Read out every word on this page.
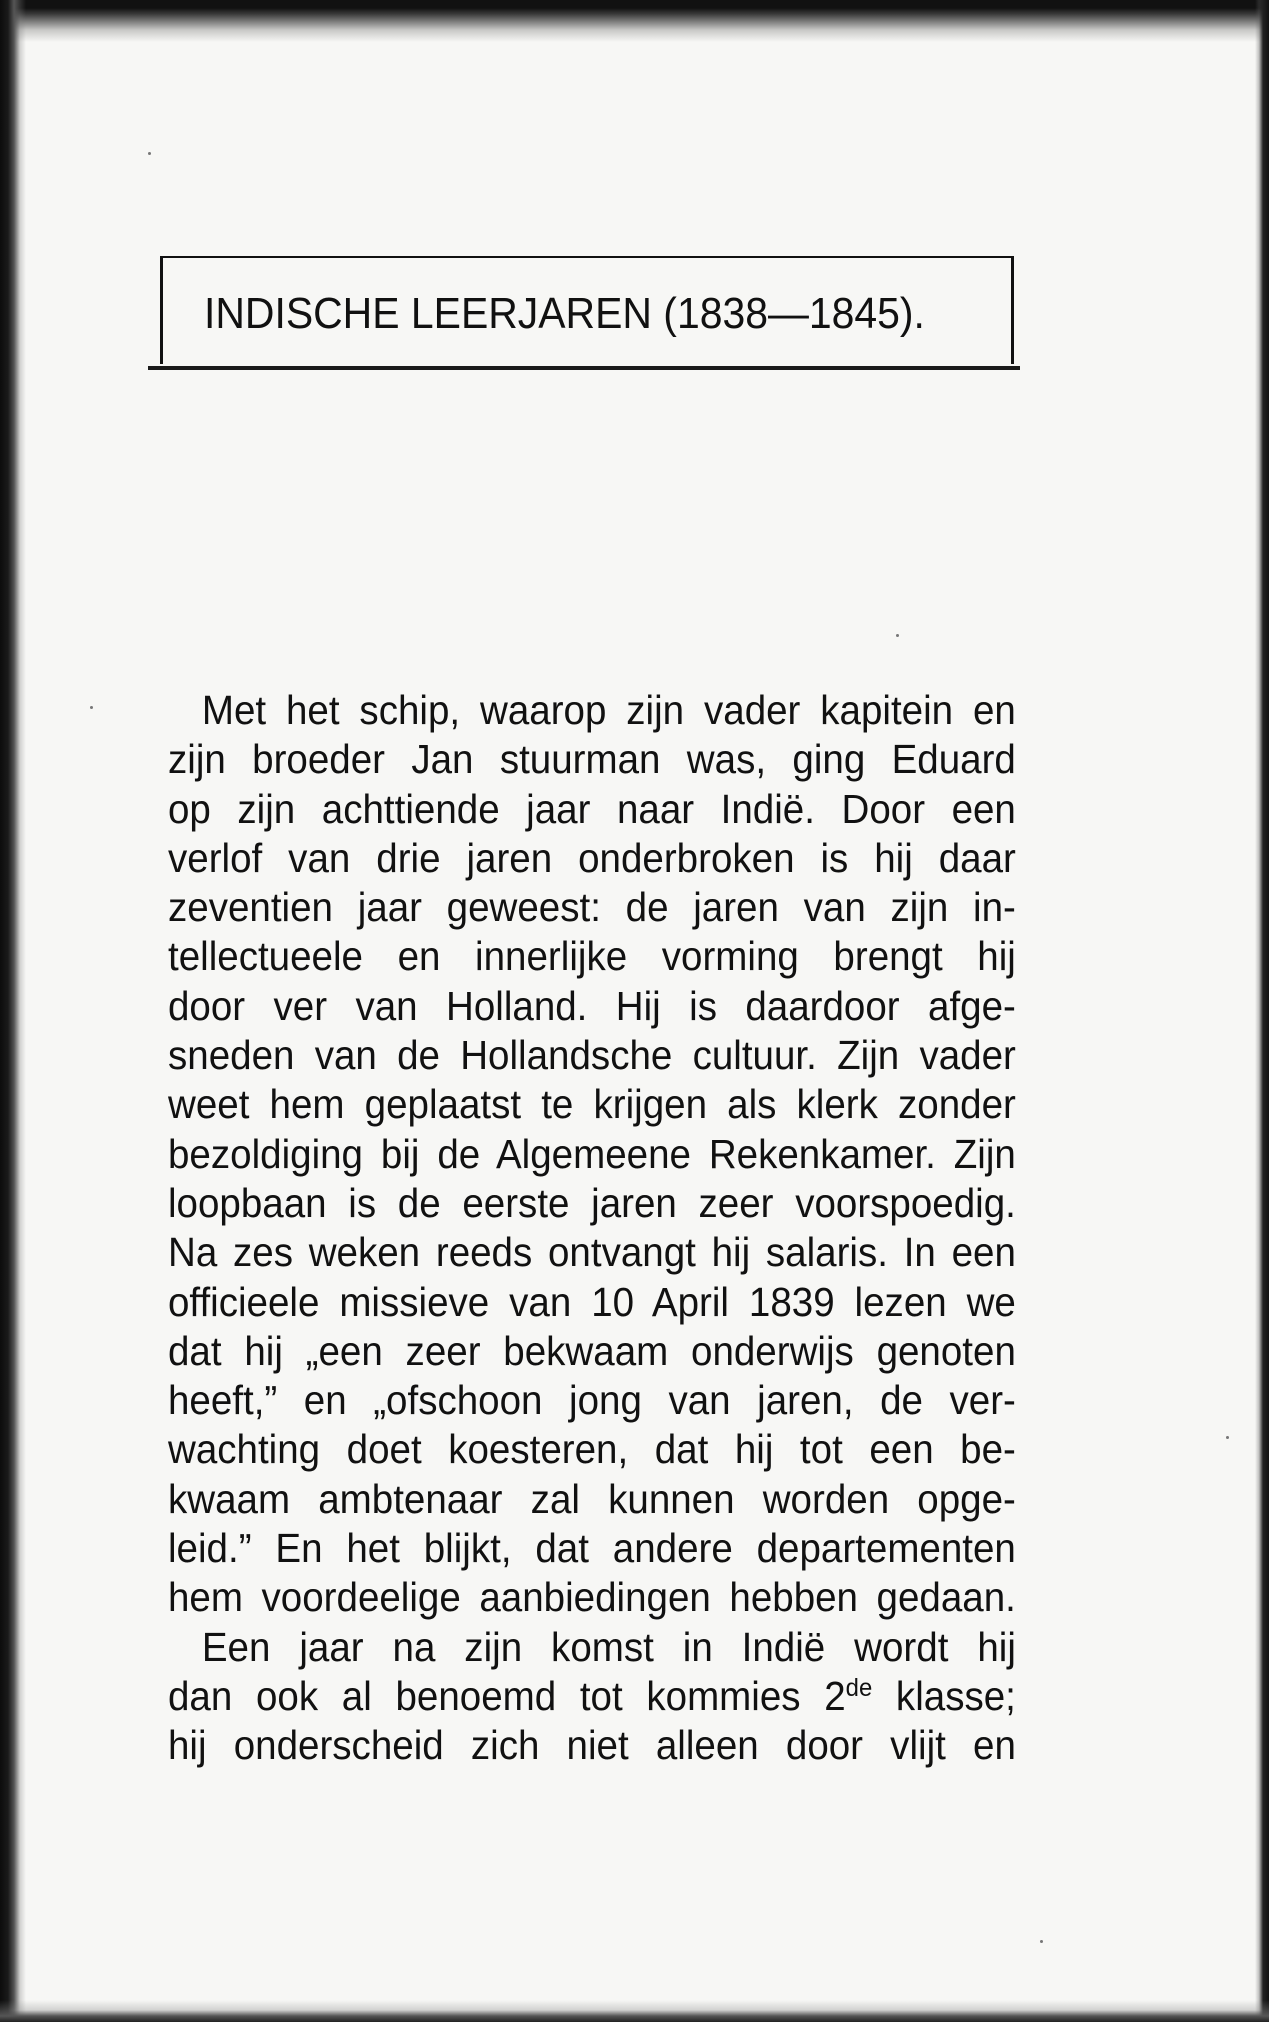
INDISCHE LEERJAREN (1838—1845).
Met het schip, waarop zijn vader kapitein en
zijn broeder Jan stuurman was, ging Eduard
op zijn achttiende jaar naar Indië. Door een
verlof van drie jaren onderbroken is hij daar
zeventien jaar geweest: de jaren van zijn in-
tellectueele en innerlijke vorming brengt hij
door ver van Holland. Hij is daardoor afge-
sneden van de Hollandsche cultuur. Zijn vader
weet hem geplaatst te krijgen als klerk zonder
bezoldiging bij de Algemeene Rekenkamer. Zijn
loopbaan is de eerste jaren zeer voorspoedig.
Na zes weken reeds ontvangt hij salaris. In een
officieele missieve van 10 April 1839 lezen we
dat hij „een zeer bekwaam onderwijs genoten
heeft,” en „ofschoon jong van jaren, de ver-
wachting doet koesteren, dat hij tot een be-
kwaam ambtenaar zal kunnen worden opge-
leid.” En het blijkt, dat andere departementen
hem voordeelige aanbiedingen hebben gedaan.
Een jaar na zijn komst in Indië wordt hij
dan ook al benoemd tot kommies 2de klasse;
hij onderscheid zich niet alleen door vlijt en
